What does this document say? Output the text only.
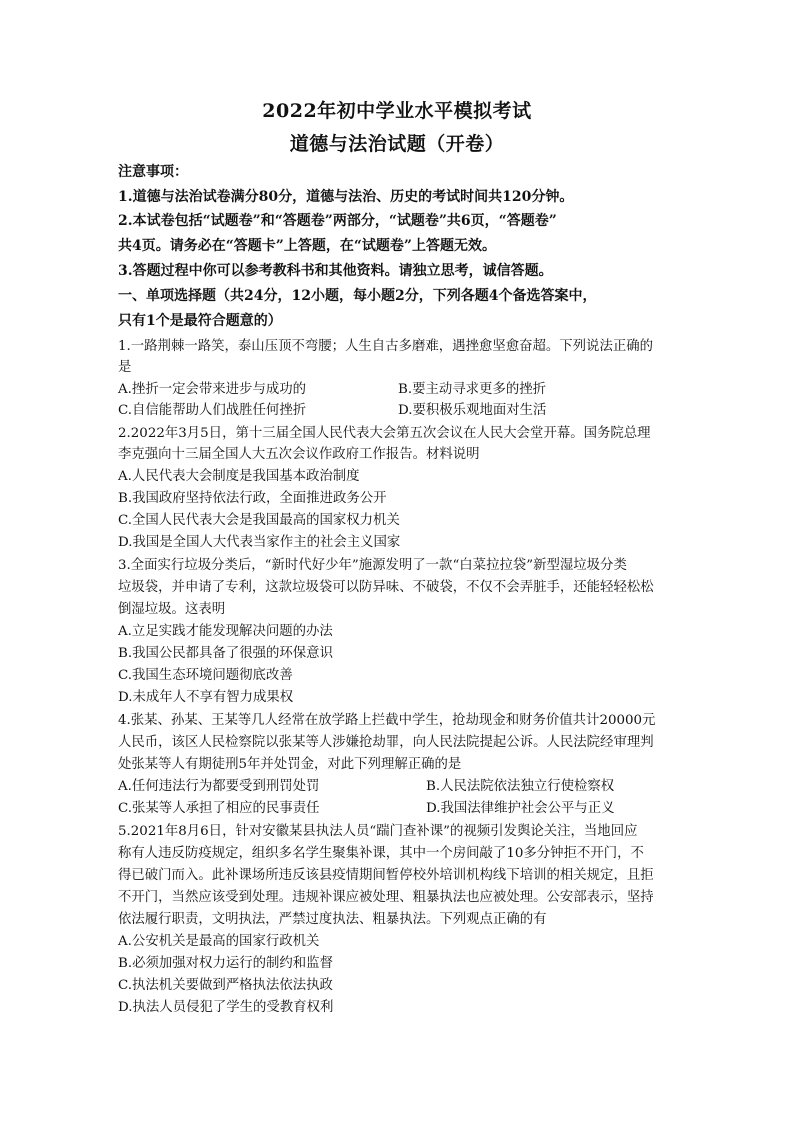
2022年初中学业水平模拟考试
道德与法治试题（开卷）
注意事项：
1.道德与法治试卷满分80分，道德与法治、历史的考试时间共120分钟。
2.本试卷包括“试题卷”和“答题卷”两部分，“试题卷”共6页，“答题卷”
共4页。请务必在“答题卡”上答题，在“试题卷”上答题无效。
3.答题过程中你可以参考教科书和其他资料。请独立思考，诚信答题。
一、单项选择题（共24分，12小题，每小题2分，下列各题4个备选答案中，
只有1个是最符合题意的）
1.一路荆棘一路笑，泰山压顶不弯腰；人生自古多磨难，遇挫愈坚愈奋超。下列说法正确的
是
A.挫折一定会带来进步与成功的	B.要主动寻求更多的挫折
C.自信能帮助人们战胜任何挫折	D.要积极乐观地面对生活
2.2022年3月5日，第十三届全国人民代表大会第五次会议在人民大会堂开幕。国务院总理
李克强向十三届全国人大五次会议作政府工作报告。材料说明
A.人民代表大会制度是我国基本政治制度
B.我国政府坚持依法行政，全面推进政务公开
C.全国人民代表大会是我国最高的国家权力机关
D.我国是全国人大代表当家作主的社会主义国家
3.全面实行垃圾分类后，“新时代好少年”施源发明了一款“白菜拉拉袋”新型湿垃圾分类
垃圾袋，并申请了专利，这款垃圾袋可以防异味、不破袋，不仅不会弄脏手，还能轻轻松松
倒湿垃圾。这表明
A.立足实践才能发现解决问题的办法
B.我国公民都具备了很强的环保意识
C.我国生态环境问题彻底改善
D.未成年人不享有智力成果权
4.张某、孙某、王某等几人经常在放学路上拦截中学生，抢劫现金和财务价值共计20000元
人民币，该区人民检察院以张某等人涉嫌抢劫罪，向人民法院提起公诉。人民法院经审理判
处张某等人有期徒刑5年并处罚金，对此下列理解正确的是
A.任何违法行为都要受到刑罚处罚	B.人民法院依法独立行使检察权
C.张某等人承担了相应的民事责任	D.我国法律维护社会公平与正义
5.2021年8月6日，针对安徽某县执法人员“踹门查补课”的视频引发舆论关注，当地回应
称有人违反防疫规定，组织多名学生聚集补课，其中一个房间敲了10多分钟拒不开门，不
得已破门而入。此补课场所违反该县疫情期间暂停校外培训机构线下培训的相关规定，且拒
不开门，当然应该受到处理。违规补课应被处理、粗暴执法也应被处理。公安部表示，坚持
依法履行职责，文明执法，严禁过度执法、粗暴执法。下列观点正确的有
A.公安机关是最高的国家行政机关
B.必须加强对权力运行的制约和监督
C.执法机关要做到严格执法依法执政
D.执法人员侵犯了学生的受教育权利
